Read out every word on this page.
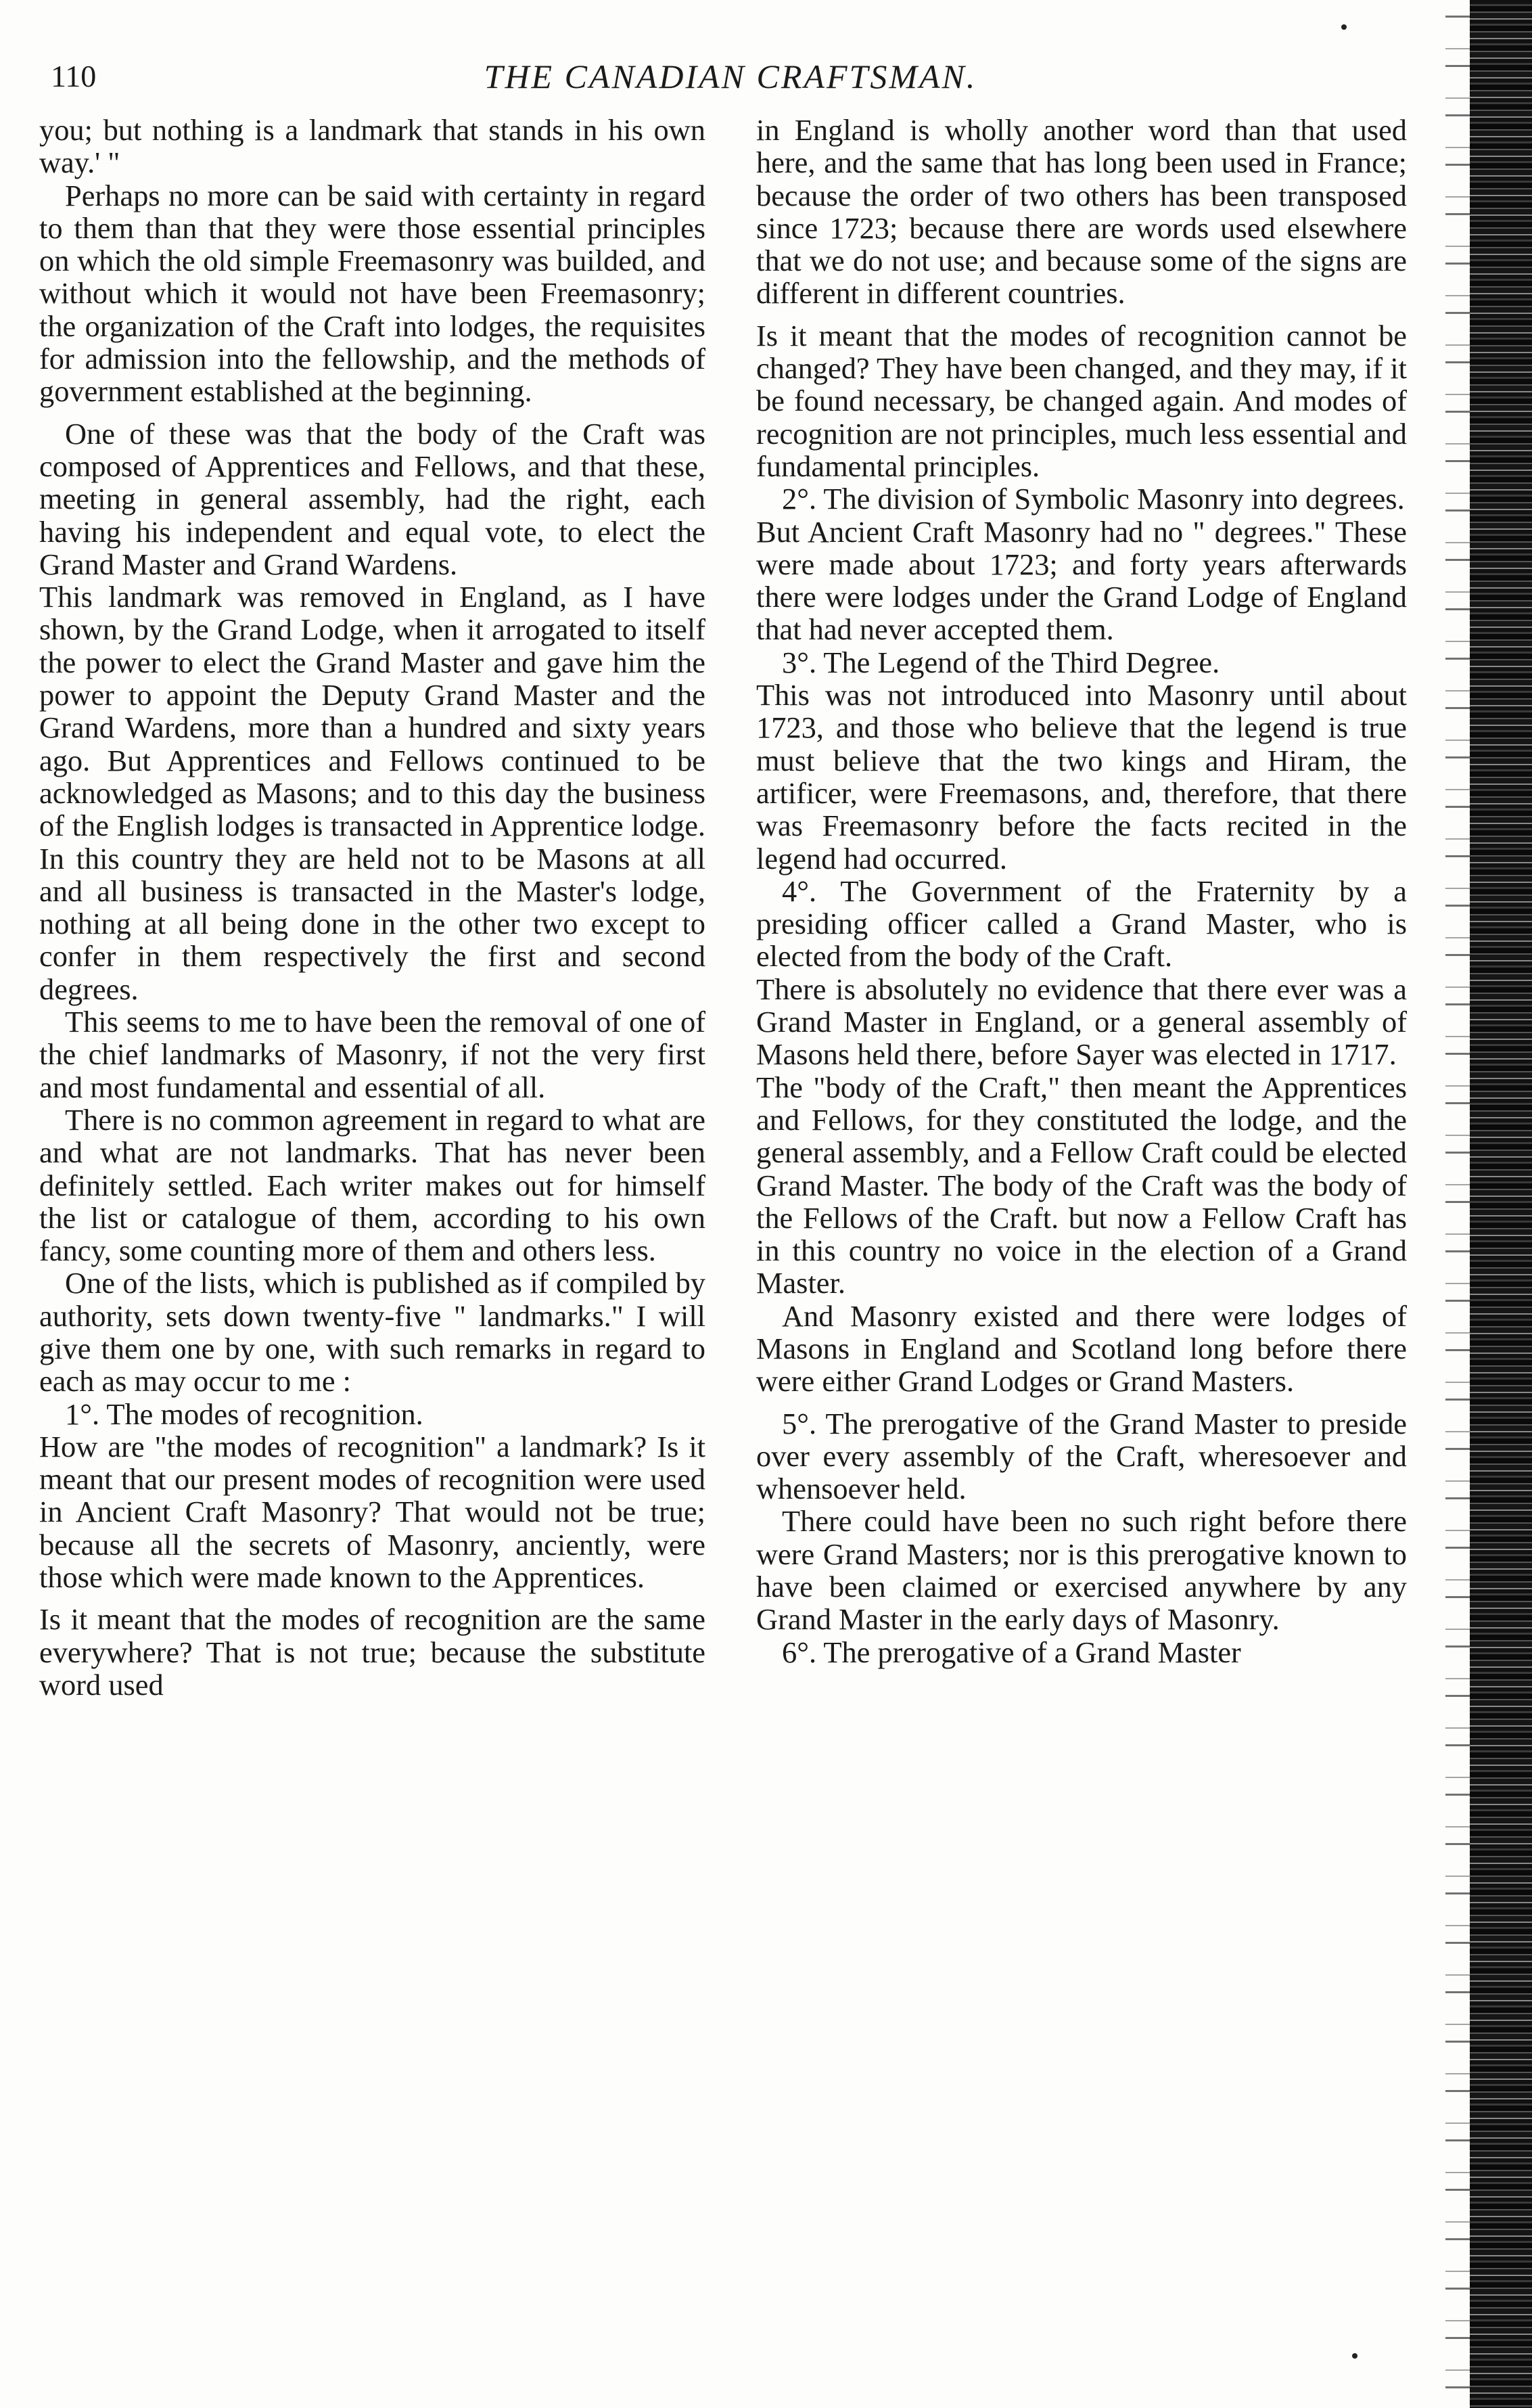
110	THE CANADIAN CRAFTSMAN.

you; but nothing is a landmark that stands in his own way.' "

Perhaps no more can be said with certainty in regard to them than that they were those essential principles on which the old simple Freemasonry was builded, and without which it would not have been Freemasonry; the organization of the Craft into lodges, the requisites for admission into the fellowship, and the methods of government established at the beginning.

One of these was that the body of the Craft was composed of Apprentices and Fellows, and that these, meeting in general assembly, had the right, each having his independent and equal vote, to elect the Grand Master and Grand Wardens.

This landmark was removed in England, as I have shown, by the Grand Lodge, when it arrogated to itself the power to elect the Grand Master and gave him the power to appoint the Deputy Grand Master and the Grand Wardens, more than a hundred and sixty years ago. But Apprentices and Fellows continued to be acknowledged as Masons; and to this day the business of the English lodges is transacted in Apprentice lodge. In this country they are held not to be Masons at all and all business is transacted in the Master's lodge, nothing at all being done in the other two except to confer in them respectively the first and second degrees.

This seems to me to have been the removal of one of the chief landmarks of Masonry, if not the very first and most fundamental and essential of all.

There is no common agreement in regard to what are and what are not landmarks. That has never been definitely settled. Each writer makes out for himself the list or catalogue of them, according to his own fancy, some counting more of them and others less.

One of the lists, which is published as if compiled by authority, sets down twenty-five " landmarks." I will give them one by one, with such remarks in regard to each as may occur to me :

1°. The modes of recognition.

How are "the modes of recognition" a landmark? Is it meant that our present modes of recognition were used in Ancient Craft Masonry? That would not be true; because all the secrets of Masonry, anciently, were those which were made known to the Apprentices.

Is it meant that the modes of recognition are the same everywhere? That is not true; because the substitute word used

in England is wholly another word than that used here, and the same that has long been used in France; because the order of two others has been transposed since 1723; because there are words used elsewhere that we do not use; and because some of the signs are different in different countries.

Is it meant that the modes of recognition cannot be changed? They have been changed, and they may, if it be found necessary, be changed again. And modes of recognition are not principles, much less essential and fundamental principles.

2°. The division of Symbolic Masonry into degrees.

But Ancient Craft Masonry had no " degrees." These were made about 1723; and forty years afterwards there were lodges under the Grand Lodge of England that had never accepted them.

3°. The Legend of the Third Degree.

This was not introduced into Masonry until about 1723, and those who believe that the legend is true must believe that the two kings and Hiram, the artificer, were Freemasons, and, therefore, that there was Freemasonry before the facts recited in the legend had occurred.

4°. The Government of the Fraternity by a presiding officer called a Grand Master, who is elected from the body of the Craft.

There is absolutely no evidence that there ever was a Grand Master in England, or a general assembly of Masons held there, before Sayer was elected in 1717.

The "body of the Craft," then meant the Apprentices and Fellows, for they constituted the lodge, and the general assembly, and a Fellow Craft could be elected Grand Master. The body of the Craft was the body of the Fellows of the Craft. but now a Fellow Craft has in this country no voice in the election of a Grand Master.

And Masonry existed and there were lodges of Masons in England and Scotland long before there were either Grand Lodges or Grand Masters.

5°. The prerogative of the Grand Master to preside over every assembly of the Craft, wheresoever and whensoever held.

There could have been no such right before there were Grand Masters; nor is this prerogative known to have been claimed or exercised anywhere by any Grand Master in the early days of Masonry.

6°. The prerogative of a Grand Master
